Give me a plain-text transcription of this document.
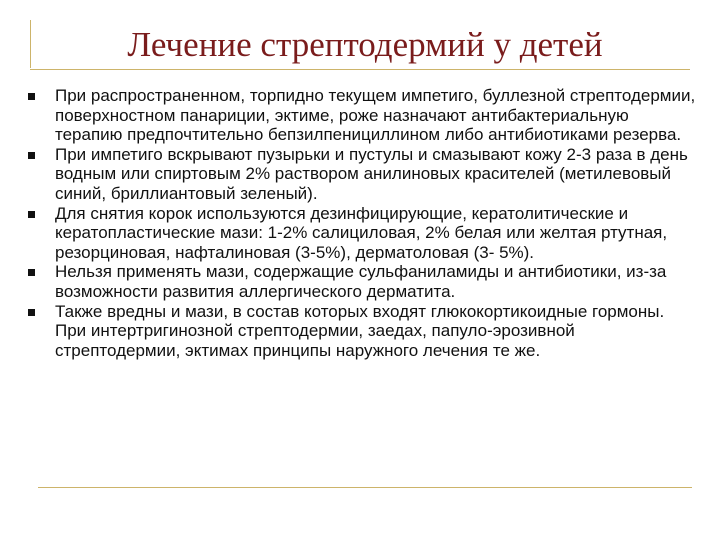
Лечение стрептодермий у детей
При распространенном, торпидно текущем импетиго, буллезной стрептодермии, поверхностном панариции, эктиме, роже назначают антибактериальную терапию предпочтительно бепзилпенициллином либо антибиотиками резерва.
При импетиго вскрывают пузырьки и пустулы и смазывают кожу 2-3 раза в день водным или спиртовым 2% раствором анилиновых красителей (метилевовый синий, бриллиантовый зеленый).
Для снятия корок используются дезинфицирующие, кератолитические и кератопластические мази: 1-2% салициловая, 2% белая или желтая ртутная, резорциновая, нафталиновая (3-5%), дерматоловая (3- 5%).
Нельзя применять мази, содержащие сульфаниламиды и антибиотики, из-за возможности развития аллергического дерматита.
Также вредны и мази, в состав которых входят глюкокортикоидные гормоны. При интертригинозной стрептодермии, заедах, папуло-эрозивной стрептодермии, эктимах принципы наружного лечения те же.
